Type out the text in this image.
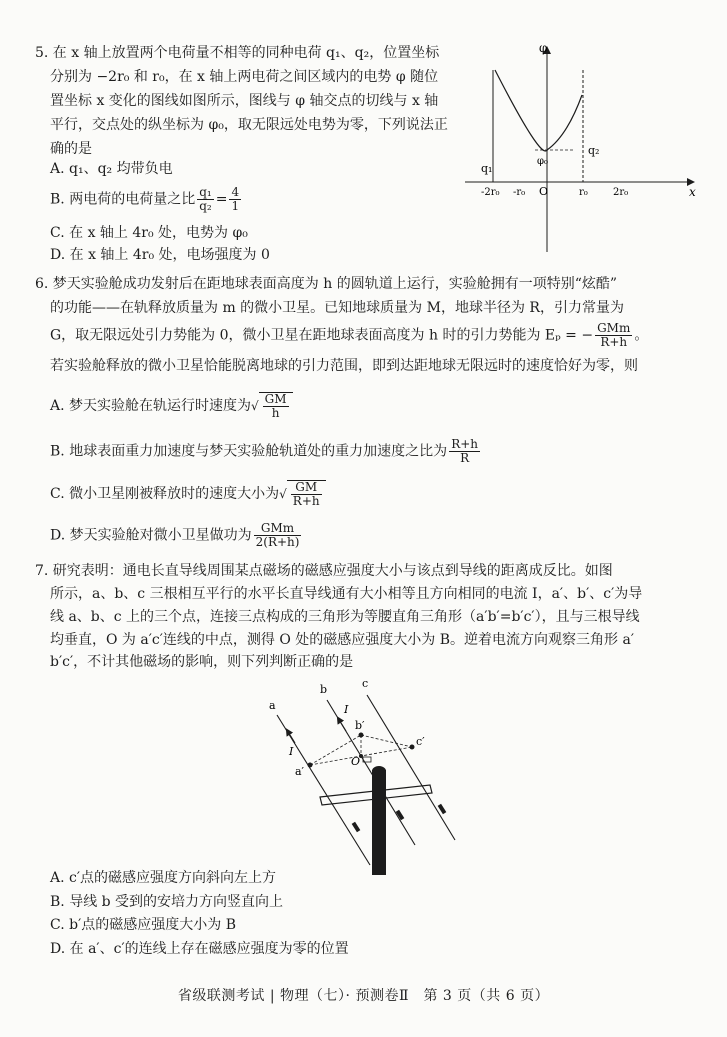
5. 在 x 轴上放置两个电荷量不相等的同种电荷 q₁、q₂，位置坐标
分别为 −2r₀ 和 r₀，在 x 轴上两电荷之间区域内的电势 φ 随位
置坐标 x 变化的图线如图所示，图线与 φ 轴交点的切线与 x 轴
平行，交点处的纵坐标为 φ₀，取无限远处电势为零，下列说法正
确的是
A. q₁、q₂ 均带负电
B. 两电荷的电荷量之比 $\frac{\text{q₁}}{\text{q₂}} = \frac{4}{1}$
C. 在 x 轴上 4r₀ 处，电势为 φ₀
D. 在 x 轴上 4r₀ 处，电场强度为 0
φ
x
φ₀
q₁
q₂
O
-2r₀ -r₀	r₀	2r₀
6. 梦天实验舱成功发射后在距地球表面高度为 h 的圆轨道上运行，实验舱拥有一项特别“炫酷”
的功能——在轨释放质量为 m 的微小卫星。已知地球质量为 M，地球半径为 R，引力常量为
G，取无限远处引力势能为 0，微小卫星在距地球表面高度为 h 时的引力势能为 Eₚ = − $\frac{\text{GMm}}{R+h}$ 。
若实验舱释放的微小卫星恰能脱离地球的引力范围，即到达距地球无限远时的速度恰好为零，则
A. 梦天实验舱在轨运行时速度为√ $\frac{GM}{h}$
B. 地球表面重力加速度与梦天实验舱轨道处的重力加速度之比为 $\frac{R+h}{R}$
C. 微小卫星刚被释放时的速度大小为√ $\frac{GM}{R+h}$
D. 梦天实验舱对微小卫星做功为 $\frac{\text{GMm}}{2(R+h)}$
7. 研究表明：通电长直导线周围某点磁场的磁感应强度大小与该点到导线的距离成反比。如图
所示，a、b、c 三根相互平行的水平长直导线通有大小相等且方向相同的电流 I，a′、b′、c′为导
线 a、b、c 上的三个点，连接三点构成的三角形为等腰直角三角形（a′b′=b′c′），且与三根导线
均垂直，O 为 a′c′连线的中点，测得 O 处的磁感应强度大小为 B。逆着电流方向观察三角形 a′
b′c′，不计其他磁场的影响，则下列判断正确的是
a
b	c
I
I
a′
b′
c′
O
A. c′点的磁感应强度方向斜向左上方
B. 导线 b 受到的安培力方向竖直向上
C. b′点的磁感应强度大小为 B
D. 在 a′、c′的连线上存在磁感应强度为零的位置
省级联测考试 | 物理（七）· 预测卷Ⅱ　第 3 页（共 6 页）
